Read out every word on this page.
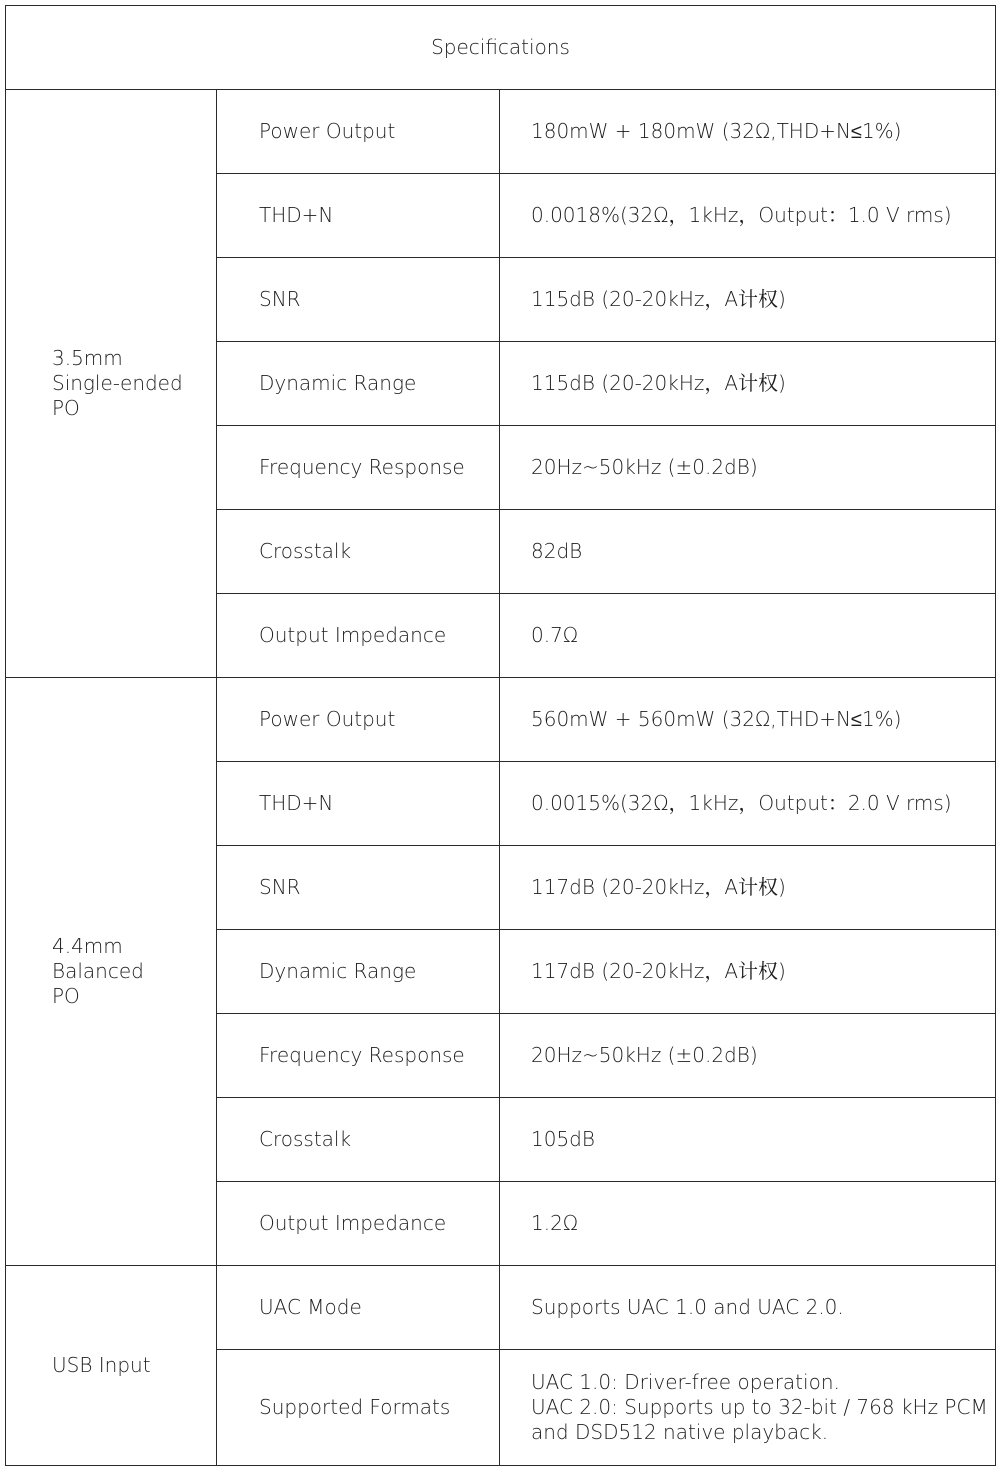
Specifications		

3.5mm
Single-ended
PO	Power Output	180mW + 180mW (32Ω,THD+N≤1%)
	THD+N	0.0018%(32Ω，1kHz，Output：1.0 V rms)
	SNR	115dB (20-20kHz，A计权)
	Dynamic Range	115dB (20-20kHz，A计权)
	Frequency Response	20Hz~50kHz (±0.2dB)
	Crosstalk	82dB
	Output Impedance	0.7Ω

4.4mm
Balanced
PO	Power Output	560mW + 560mW (32Ω,THD+N≤1%)
	THD+N	0.0015%(32Ω，1kHz，Output：2.0 V rms)
	SNR	117dB (20-20kHz，A计权)
	Dynamic Range	117dB (20-20kHz，A计权)
	Frequency Response	20Hz~50kHz (±0.2dB)
	Crosstalk	105dB
	Output Impedance	1.2Ω

USB Input	UAC Mode	Supports UAC 1.0 and UAC 2.0.

	Supported Formats	UAC 1.0: Driver-free operation.
UAC 2.0: Supports up to 32-bit / 768 kHz PCM
and DSD512 native playback.
